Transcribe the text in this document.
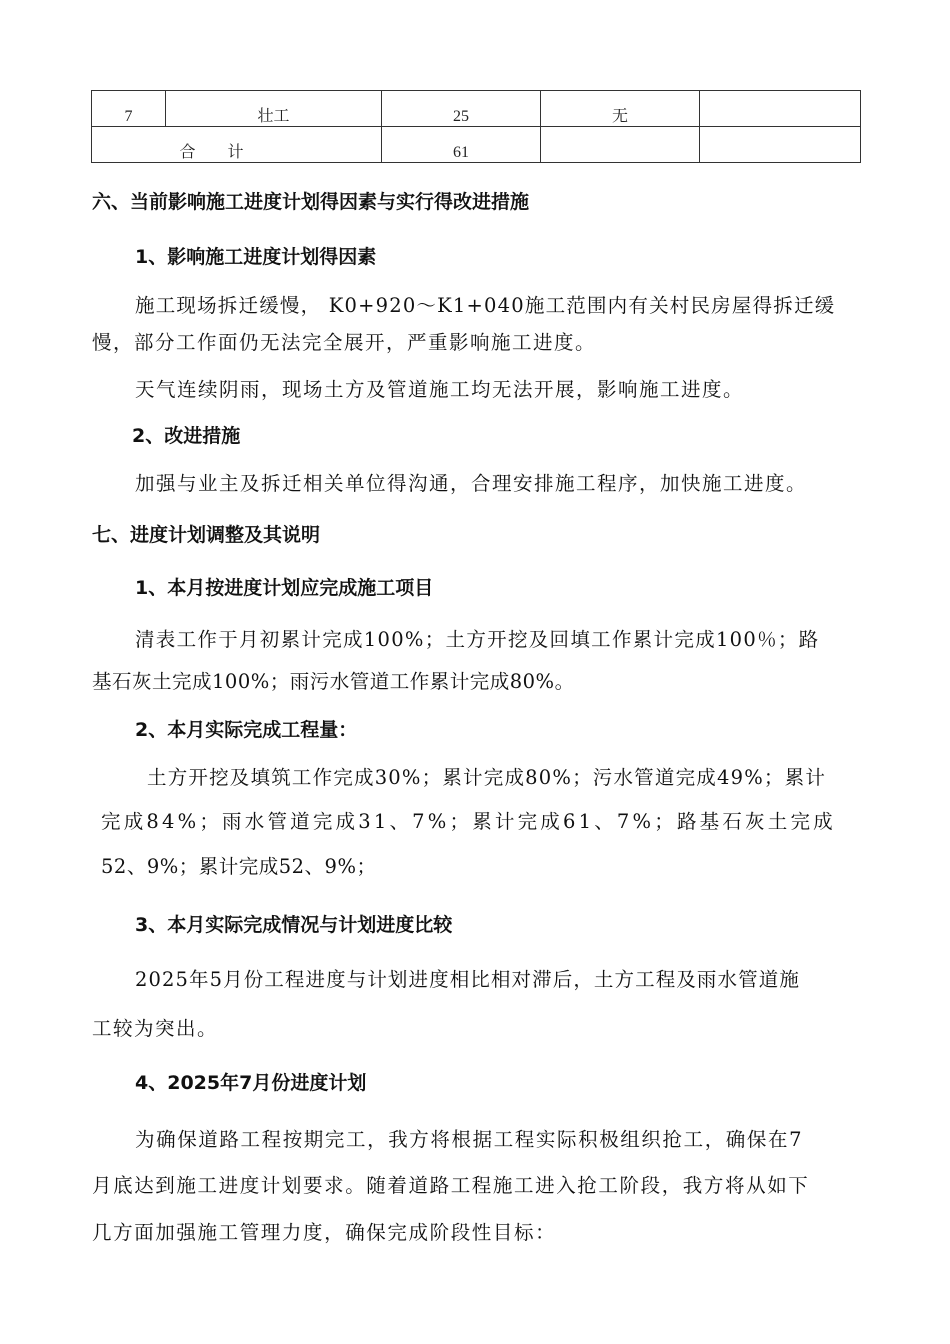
7	壮工	25	无	
合　　计		61		
六、当前影响施工进度计划得因素与实行得改进措施
1、影响施工进度计划得因素
施工现场拆迁缓慢， K0+920～K1+040施工范围内有关村民房屋得拆迁缓
慢，部分工作面仍无法完全展开，严重影响施工进度。
天气连续阴雨，现场土方及管道施工均无法开展，影响施工进度。
2、改进措施
加强与业主及拆迁相关单位得沟通，合理安排施工程序，加快施工进度。
七、进度计划调整及其说明
1、本月按进度计划应完成施工项目
清表工作于月初累计完成100%；土方开挖及回填工作累计完成100％；路
基石灰土完成100%；雨污水管道工作累计完成80%。
2、本月实际完成工程量：
土方开挖及填筑工作完成30%；累计完成80%；污水管道完成49%；累计
完成84%；雨水管道完成31、7%；累计完成61、7%；路基石灰土完成
52、9%；累计完成52、9%；
3、本月实际完成情况与计划进度比较
2025年5月份工程进度与计划进度相比相对滞后，土方工程及雨水管道施
工较为突出。
4、2025年7月份进度计划
为确保道路工程按期完工，我方将根据工程实际积极组织抢工，确保在7
月底达到施工进度计划要求。随着道路工程施工进入抢工阶段，我方将从如下
几方面加强施工管理力度，确保完成阶段性目标：
